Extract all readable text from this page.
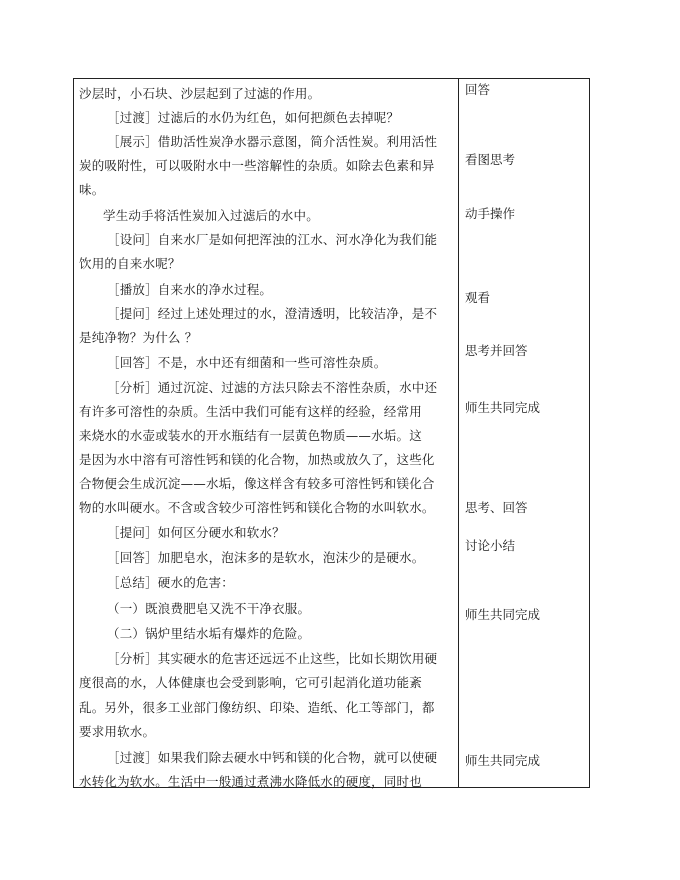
沙层时，小石块、沙层起到了过滤的作用。
［过渡］过滤后的水仍为红色，如何把颜色去掉呢？
［展示］借助活性炭净水器示意图，简介活性炭。利用活性
炭的吸附性，可以吸附水中一些溶解性的杂质。如除去色素和异
味。
学生动手将活性炭加入过滤后的水中。
［设问］自来水厂是如何把浑浊的江水、河水净化为我们能
饮用的自来水呢？
［播放］自来水的净水过程。
［提问］经过上述处理过的水，澄清透明，比较洁净，是不
是纯净物？为什么 ？
［回答］不是，水中还有细菌和一些可溶性杂质。
［分析］通过沉淀、过滤的方法只除去不溶性杂质，水中还
有许多可溶性的杂质。生活中我们可能有这样的经验，经常用
来烧水的水壶或装水的开水瓶结有一层黄色物质——水垢。这
是因为水中溶有可溶性钙和镁的化合物，加热或放久了，这些化
合物便会生成沉淀——水垢，像这样含有较多可溶性钙和镁化合
物的水叫硬水。不含或含较少可溶性钙和镁化合物的水叫软水。
［提问］如何区分硬水和软水？
［回答］加肥皂水，泡沫多的是软水，泡沫少的是硬水。
［总结］硬水的危害：
（一）既浪费肥皂又洗不干净衣服。
（二）锅炉里结水垢有爆炸的危险。
［分析］其实硬水的危害还远远不止这些，比如长期饮用硬
度很高的水，人体健康也会受到影响，它可引起消化道功能紊
乱。另外，很多工业部门像纺织、印染、造纸、化工等部门，都
要求用软水。
［过渡］如果我们除去硬水中钙和镁的化合物，就可以使硬
水转化为软水。生活中一般通过煮沸水降低水的硬度，同时也
回答
看图思考
动手操作
观看
思考并回答
师生共同完成
思考、回答
讨论小结
师生共同完成
师生共同完成
